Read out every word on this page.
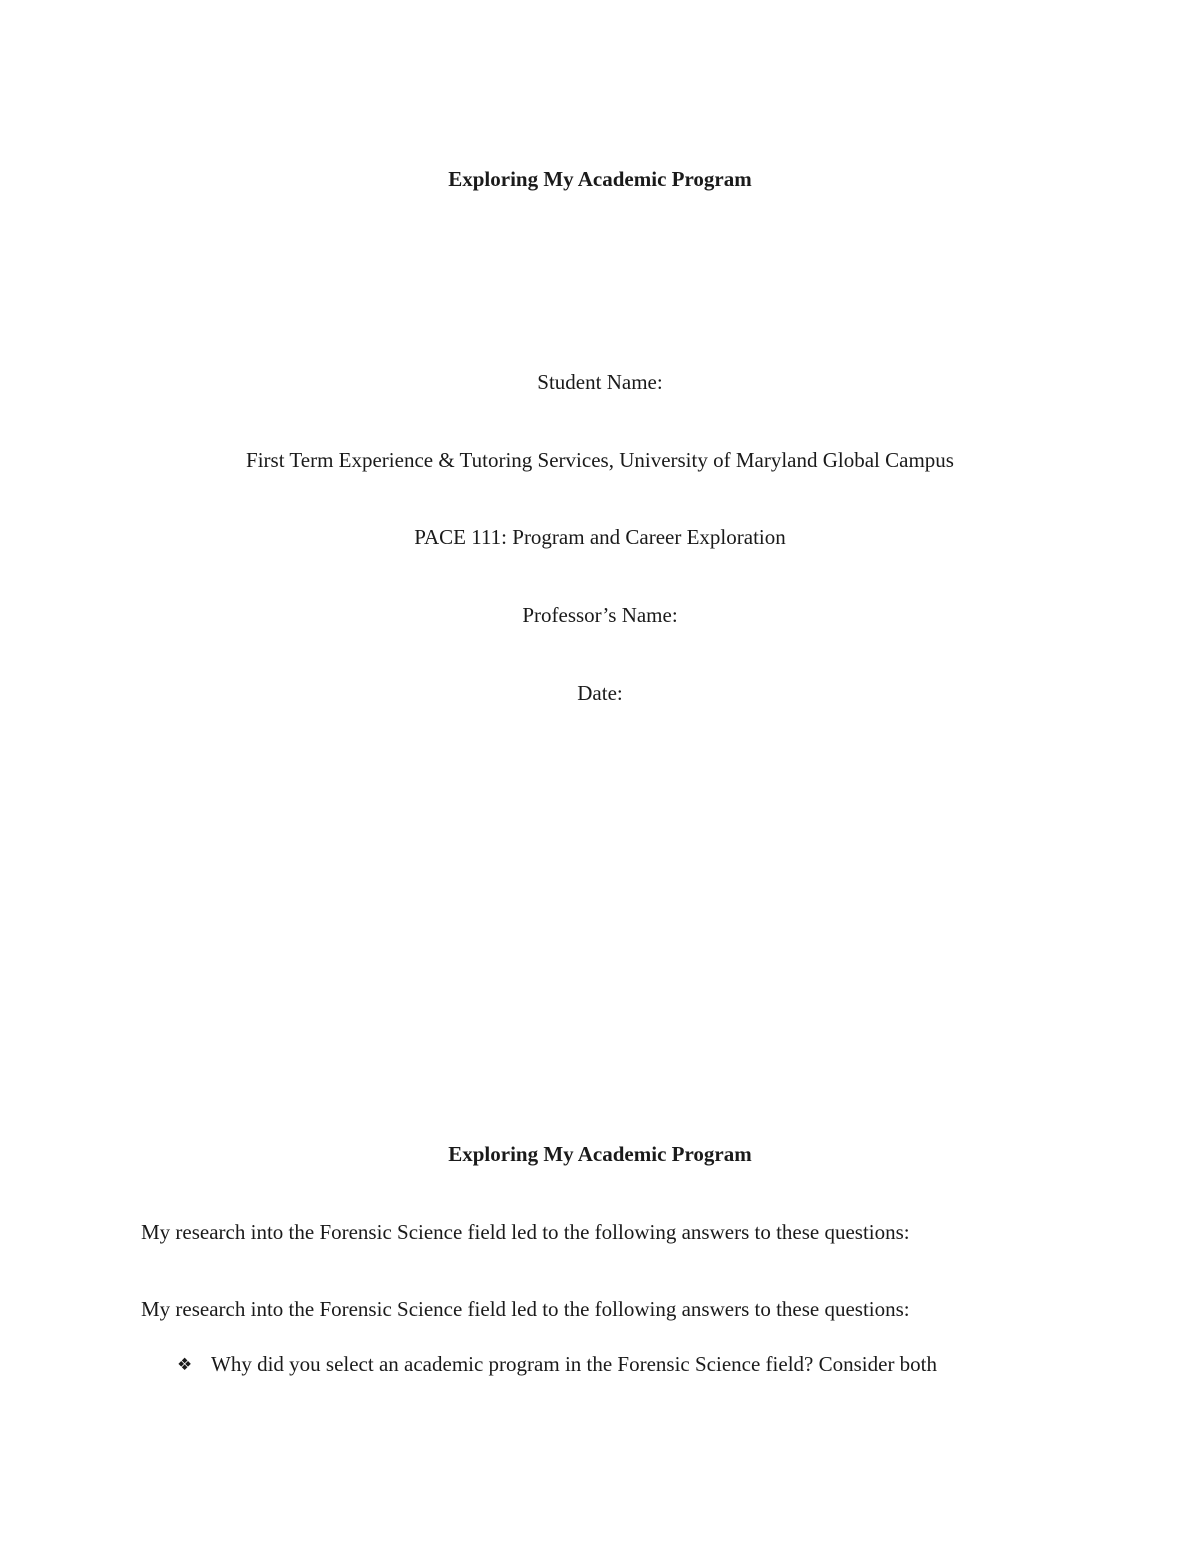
Exploring My Academic Program
Student Name:
First Term Experience & Tutoring Services, University of Maryland Global Campus
PACE 111: Program and Career Exploration
Professor’s Name:
Date:
Exploring My Academic Program
My research into the Forensic Science field led to the following answers to these questions:
My research into the Forensic Science field led to the following answers to these questions:
❖ Why did you select an academic program in the Forensic Science field? Consider both
